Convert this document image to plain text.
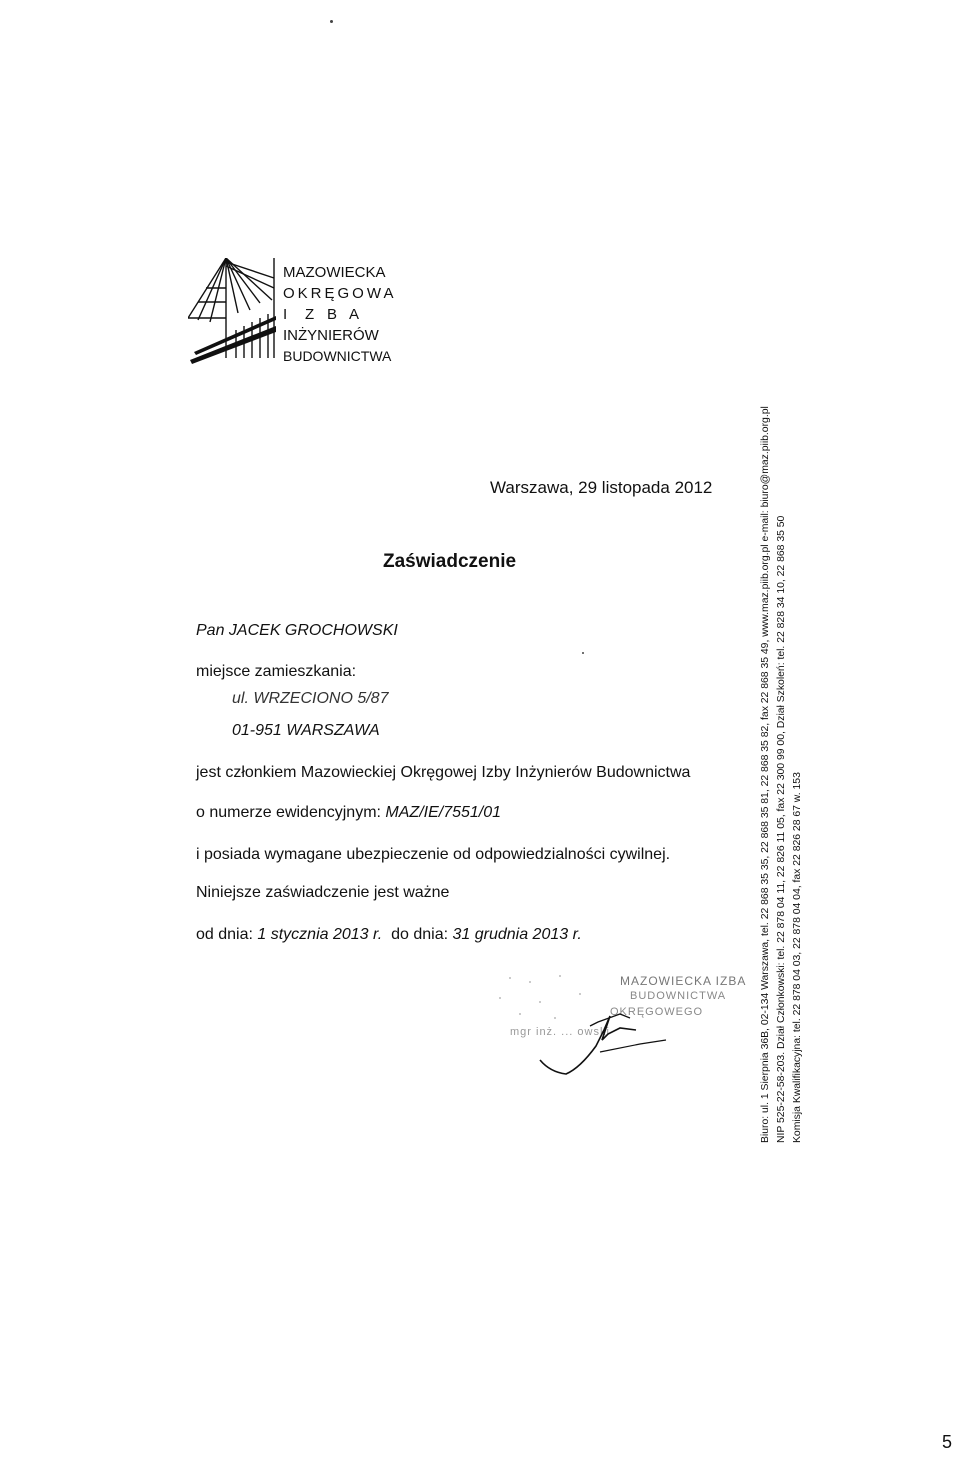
MAZOWIECKA
OKRĘGOWA
I Z B A
INŻYNIERÓW
BUDOWNICTWA
Warszawa, 29 listopada 2012
Zaświadczenie
Pan JACEK GROCHOWSKI
miejsce zamieszkania:
ul. WRZECIONO 5/87
01-951 WARSZAWA
jest członkiem Mazowieckiej Okręgowej Izby Inżynierów Budownictwa
o numerze ewidencyjnym: MAZ/IE/7551/01
i posiada wymagane ubezpieczenie od odpowiedzialności cywilnej.
Niniejsze zaświadczenie jest ważne
od dnia: 1 stycznia 2013 r. do dnia: 31 grudnia 2013 r.
MAZOWIECKA IZBA
BUDOWNICTWA
OKRĘGOWEGO
mgr inż. ... owski	Biuro: ul. 1 Sierpnia 36B, 02-134 Warszawa, tel. 22 868 35 35, 22 868 35 81, 22 868 35 82, fax 22 868 35 49, www.maz.piib.org.pl e-mail: biuro@maz.piib.org.pl NIP 525-22-58-203. Dział Członkowski: tel. 22 878 04 11, 22 826 11 05, fax 22 300 99 00, Dział Szkoleń: tel. 22 828 34 10, 22 868 35 50 Komisja Kwalifikacyjna: tel. 22 878 04 03, 22 878 04 04, fax 22 826 28 67 w. 153
5
